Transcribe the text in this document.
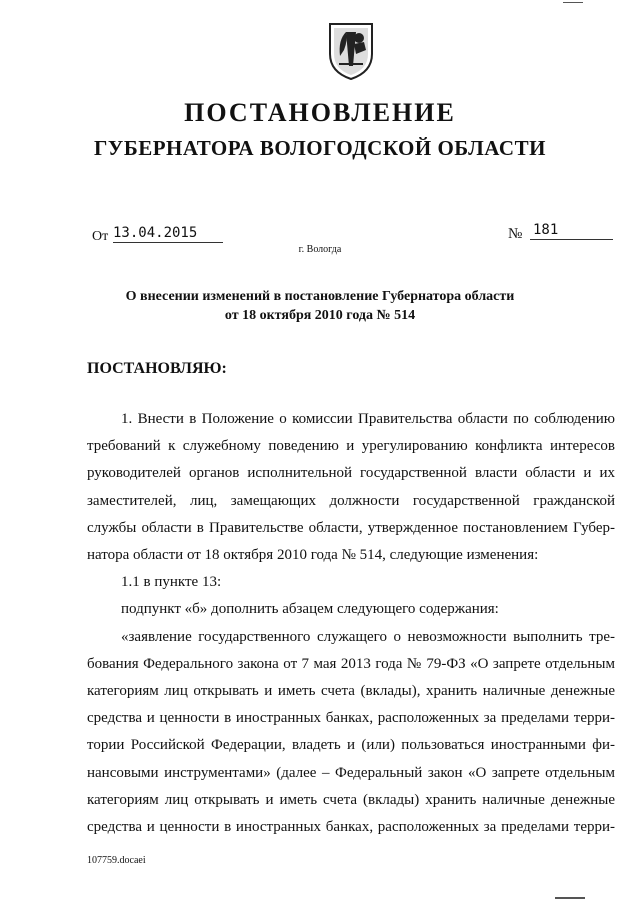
ПОСТАНОВЛЕНИЕ
ГУБЕРНАТОРА ВОЛОГОДСКОЙ ОБЛАСТИ
От 13.04.2015	№ 181
г. Вологда
О внесении изменений в постановление Губернатора области
от 18 октября 2010 года № 514
ПОСТАНОВЛЯЮ:
1. Внести в Положение о комиссии Правительства области по соблюдению
требований к служебному поведению и урегулированию конфликта интересов
руководителей органов исполнительной государственной власти области и их
заместителей, лиц, замещающих должности государственной гражданской
службы области в Правительстве области, утвержденное постановлением Губер-
натора области от 18 октября 2010 года № 514, следующие изменения:
1.1 в пункте 13:
подпункт «б» дополнить абзацем следующего содержания:
«заявление государственного служащего о невозможности выполнить тре-
бования Федерального закона от 7 мая 2013 года № 79-ФЗ «О запрете отдельным
категориям лиц открывать и иметь счета (вклады), хранить наличные денежные
средства и ценности в иностранных банках, расположенных за пределами терри-
тории Российской Федерации, владеть и (или) пользоваться иностранными фи-
нансовыми инструментами» (далее – Федеральный закон «О запрете отдельным
категориям лиц открывать и иметь счета (вклады) хранить наличные денежные
средства и ценности в иностранных банках, расположенных за пределами терри-
107759.docaei
